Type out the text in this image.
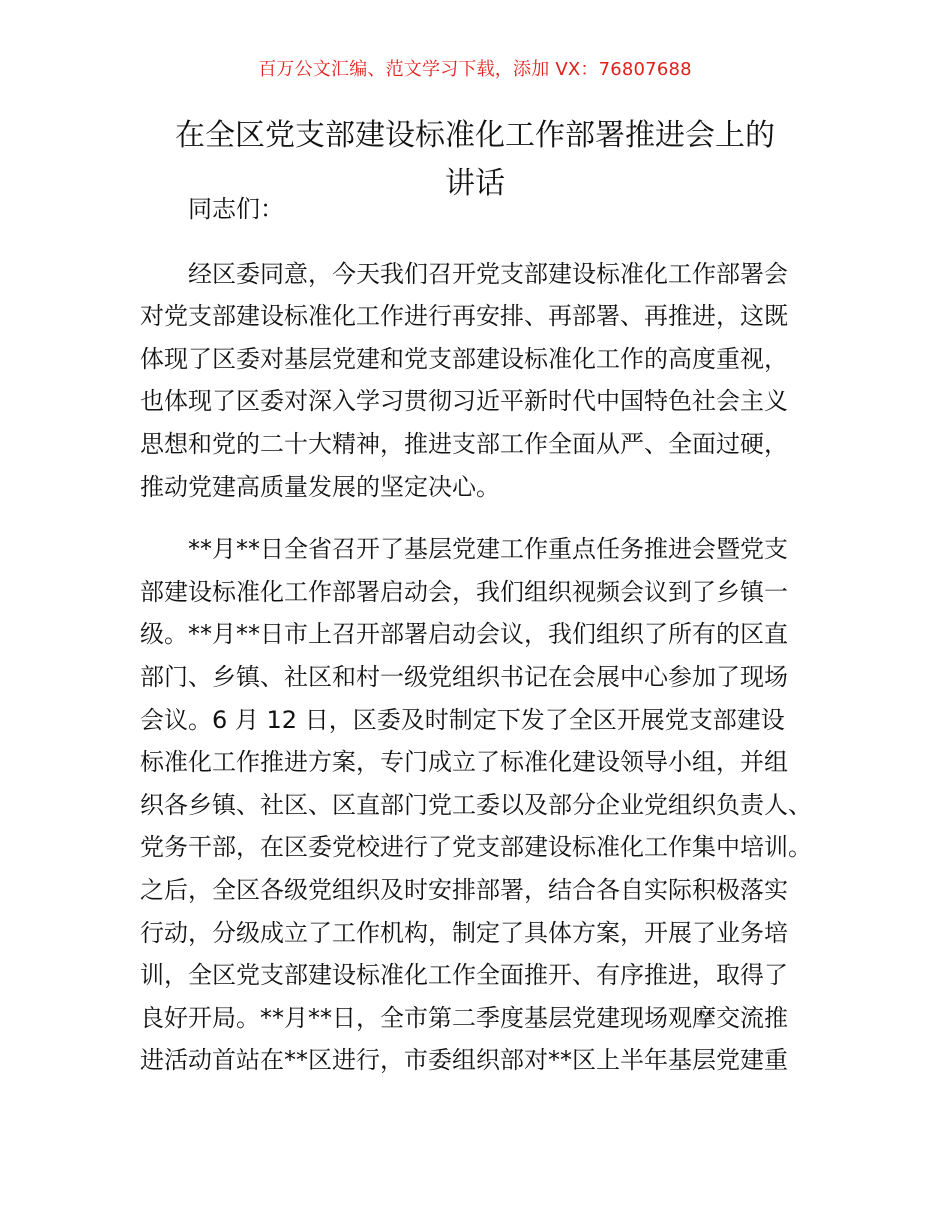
百万公文汇编、范文学习下载，添加 VX：76807688
在全区党支部建设标准化工作部署推进会上的
讲话

同志们：

经区委同意，今天我们召开党支部建设标准化工作部署会
对党支部建设标准化工作进行再安排、再部署、再推进，这既
体现了区委对基层党建和党支部建设标准化工作的高度重视，
也体现了区委对深入学习贯彻习近平新时代中国特色社会主义
思想和党的二十大精神，推进支部工作全面从严、全面过硬，
推动党建高质量发展的坚定决心。

**月**日全省召开了基层党建工作重点任务推进会暨党支
部建设标准化工作部署启动会，我们组织视频会议到了乡镇一
级。**月**日市上召开部署启动会议，我们组织了所有的区直
部门、乡镇、社区和村一级党组织书记在会展中心参加了现场
会议。6 月 12 日，区委及时制定下发了全区开展党支部建设
标准化工作推进方案，专门成立了标准化建设领导小组，并组
织各乡镇、社区、区直部门党工委以及部分企业党组织负责人、
党务干部，在区委党校进行了党支部建设标准化工作集中培训。
之后，全区各级党组织及时安排部署，结合各自实际积极落实
行动，分级成立了工作机构，制定了具体方案，开展了业务培
训，全区党支部建设标准化工作全面推开、有序推进，取得了
良好开局。**月**日，全市第二季度基层党建现场观摩交流推
进活动首站在**区进行，市委组织部对**区上半年基层党建重
